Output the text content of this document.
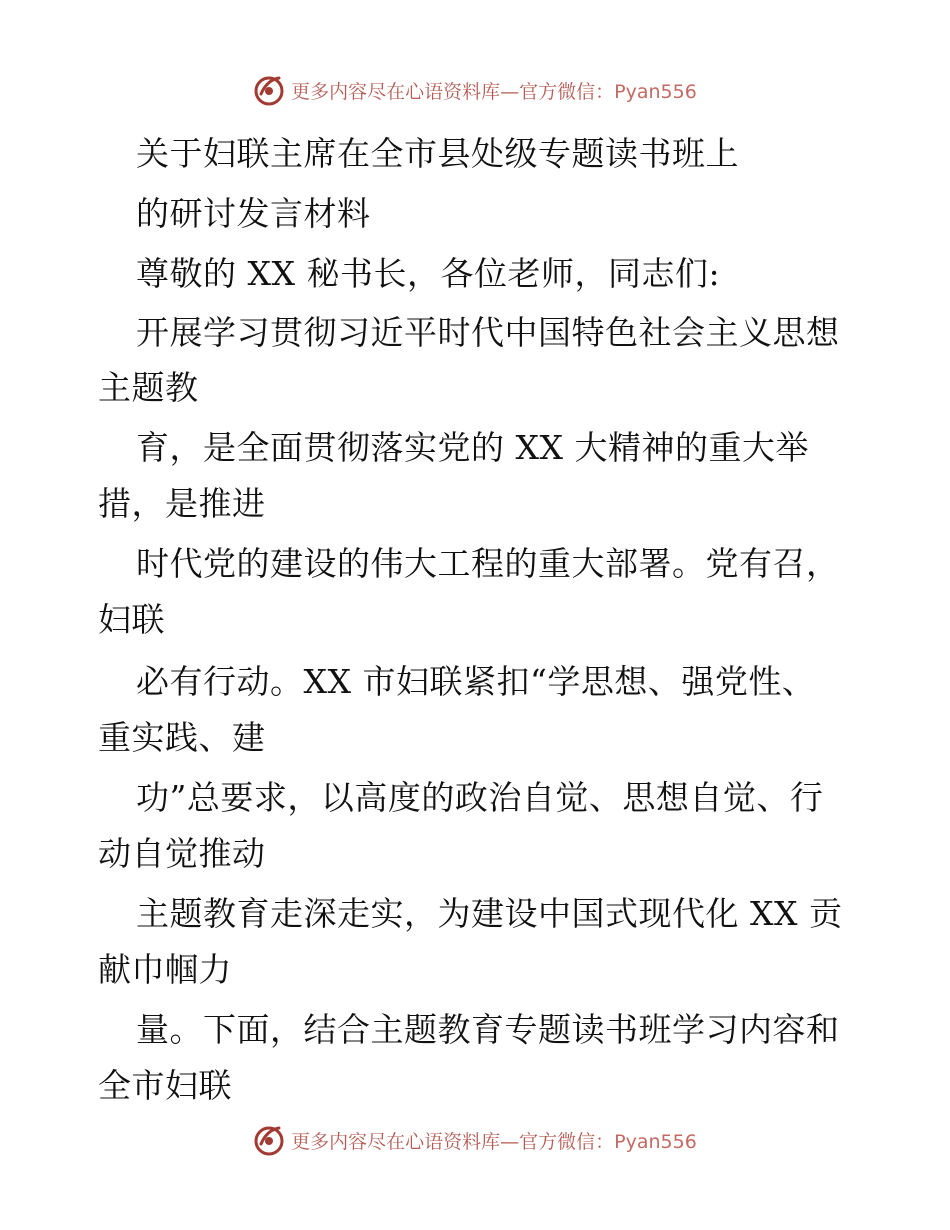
更多内容尽在心语资料库—官方微信：Pyan556
关于妇联主席在全市县处级专题读书班上
的研讨发言材料
尊敬的 XX 秘书长，各位老师，同志们:
开展学习贯彻习近平时代中国特色社会主义思想
主题教
育，是全面贯彻落实党的 XX 大精神的重大举
措，是推进
时代党的建设的伟大工程的重大部署。党有召，
妇联
必有行动。XX 市妇联紧扣“学思想、强党性、
重实践、建
功”总要求，以高度的政治自觉、思想自觉、行
动自觉推动
主题教育走深走实，为建设中国式现代化 XX 贡
献巾帼力
量。下面，结合主题教育专题读书班学习内容和
全市妇联
更多内容尽在心语资料库—官方微信：Pyan556
